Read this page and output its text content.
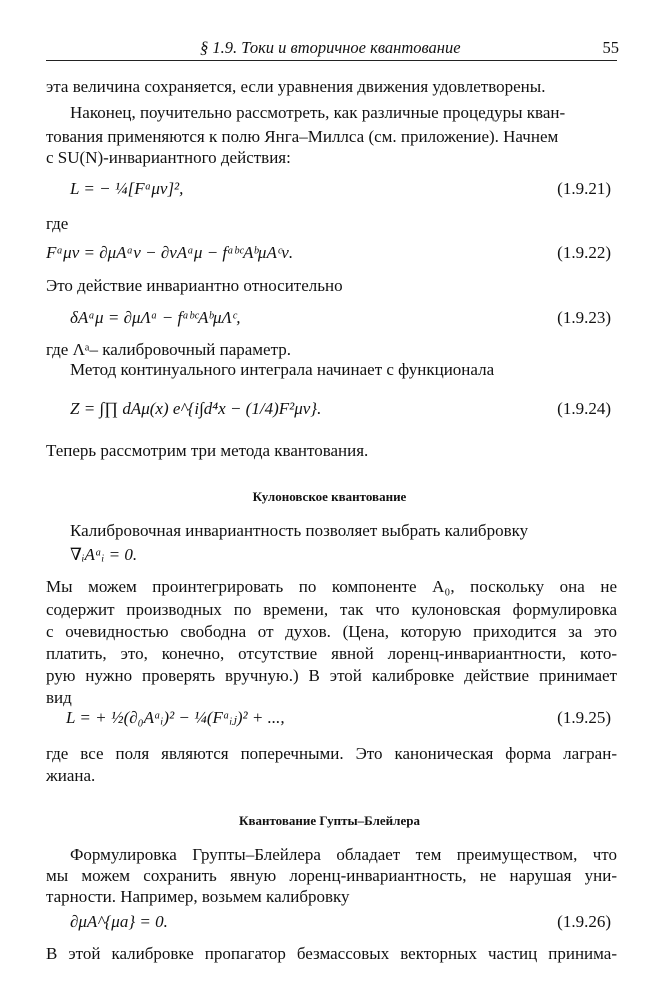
§ 1.9. Токи и вторичное квантование	55
эта величина сохраняется, если уравнения движения удовлетворены.
Наконец, поучительно рассмотреть, как различные процедуры кван-
тования применяются к полю Янга–Миллса (см. приложение). Начнем
с SU(N)-инвариантного действия:
L = − ¼[Fᵃμν]²,	(1.9.21)
где
Fᵃμν = ∂μAᵃν − ∂νAᵃμ − fᵃᵇᶜAᵇμAᶜν.	(1.9.22)
Это действие инвариантно относительно
δAᵃμ = ∂μΛᵃ − fᵃᵇᶜAᵇμΛᶜ,	(1.9.23)
где Λᵃ– калибровочный параметр.
Метод континуального интеграла начинает с функционала
Z = ∫∏ dAμ(x) e^{i∫d⁴x − (1/4)F²μν}.	(1.9.24)
Теперь рассмотрим три метода квантования.
Кулоновское квантование
Калибровочная инвариантность позволяет выбрать калибровку
∇ᵢAᵃᵢ = 0.
Мы можем проинтегрировать по компоненте A₀, поскольку она не
содержит производных по времени, так что кулоновская формулировка
с очевидностью свободна от духов. (Цена, которую приходится за это
платить, это, конечно, отсутствие явной лоренц-инвариантности, кото-
рую нужно проверять вручную.) В этой калибровке действие принимает
вид
L = + ½(∂₀Aᵃᵢ)² − ¼(Fᵃᵢⱼ)² + ...,	(1.9.25)
где все поля являются поперечными. Это каноническая форма лагран-
жиана.
Квантование Гупты–Блейлера
Формулировка Групты–Блейлера обладает тем преимуществом, что
мы можем сохранить явную лоренц-инвариантность, не нарушая уни-
тарности. Например, возьмем калибровку
∂μA^{μa} = 0.	(1.9.26)
В этой калибровке пропагатор безмассовых векторных частиц принима-
